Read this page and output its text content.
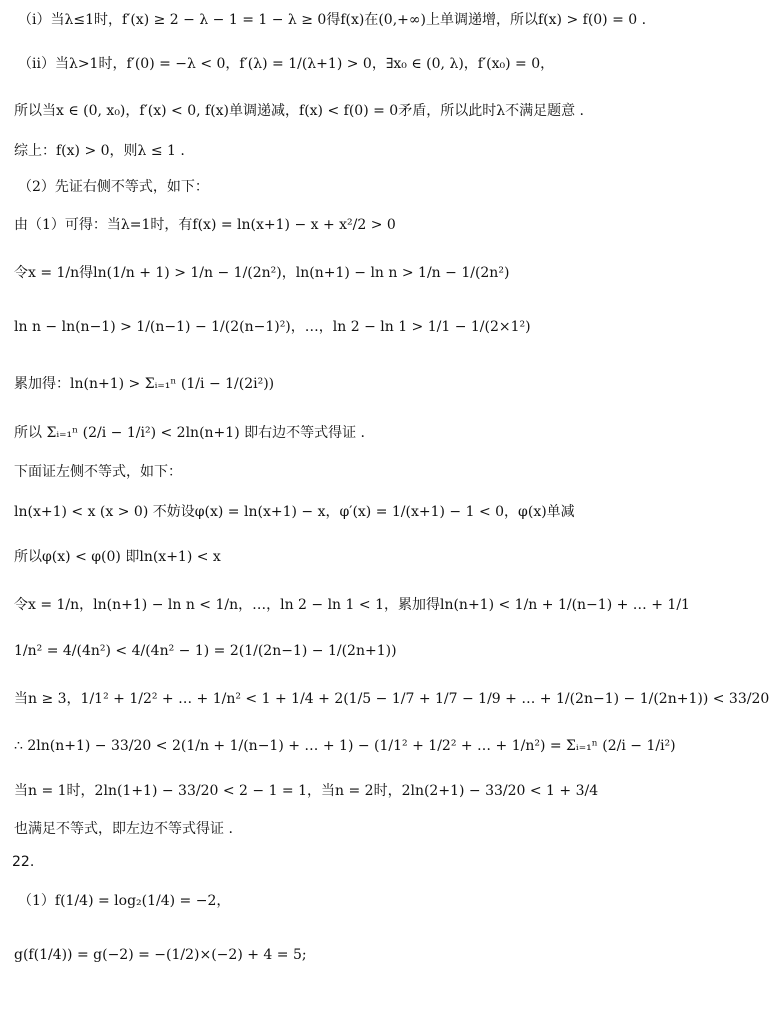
（i）当λ≤1时，f′(x) ≥ 2 − λ − 1 = 1 − λ ≥ 0得f(x)在(0,+∞)上单调递增，所以f(x) > f(0) = 0 .
（ii）当λ>1时，f′(0) = −λ < 0，f′(λ) = 1/(λ+1) > 0，∃x₀ ∈ (0, λ)，f′(x₀) = 0，
所以当x ∈ (0, x₀)，f′(x) < 0, f(x)单调递减，f(x) < f(0) = 0矛盾，所以此时λ不满足题意 .
综上：f(x) > 0，则λ ≤ 1 .
（2）先证右侧不等式，如下：
由（1）可得：当λ=1时，有f(x) = ln(x+1) − x + x²/2 > 0
令x = 1/n得ln(1/n + 1) > 1/n − 1/(2n²)，ln(n+1) − ln n > 1/n − 1/(2n²)
ln n − ln(n−1) > 1/(n−1) − 1/(2(n−1)²)，…，ln 2 − ln 1 > 1/1 − 1/(2×1²)
累加得：ln(n+1) > Σᵢ₌₁ⁿ (1/i − 1/(2i²))
所以 Σᵢ₌₁ⁿ (2/i − 1/i²) < 2ln(n+1) 即右边不等式得证 .
下面证左侧不等式，如下：
ln(x+1) < x (x > 0) 不妨设φ(x) = ln(x+1) − x，φ′(x) = 1/(x+1) − 1 < 0，φ(x)单减
所以φ(x) < φ(0) 即ln(x+1) < x
令x = 1/n，ln(n+1) − ln n < 1/n，…，ln 2 − ln 1 < 1，累加得ln(n+1) < 1/n + 1/(n−1) + … + 1/1
1/n² = 4/(4n²) < 4/(4n² − 1) = 2(1/(2n−1) − 1/(2n+1))
当n ≥ 3，1/1² + 1/2² + … + 1/n² < 1 + 1/4 + 2(1/5 − 1/7 + 1/7 − 1/9 + … + 1/(2n−1) − 1/(2n+1)) < 33/20
∴ 2ln(n+1) − 33/20 < 2(1/n + 1/(n−1) + … + 1) − (1/1² + 1/2² + … + 1/n²) = Σᵢ₌₁ⁿ (2/i − 1/i²)
当n = 1时，2ln(1+1) − 33/20 < 2 − 1 = 1，当n = 2时，2ln(2+1) − 33/20 < 1 + 3/4
也满足不等式，即左边不等式得证 .
22.
（1）f(1/4) = log₂(1/4) = −2，
g(f(1/4)) = g(−2) = −(1/2)×(−2) + 4 = 5;
